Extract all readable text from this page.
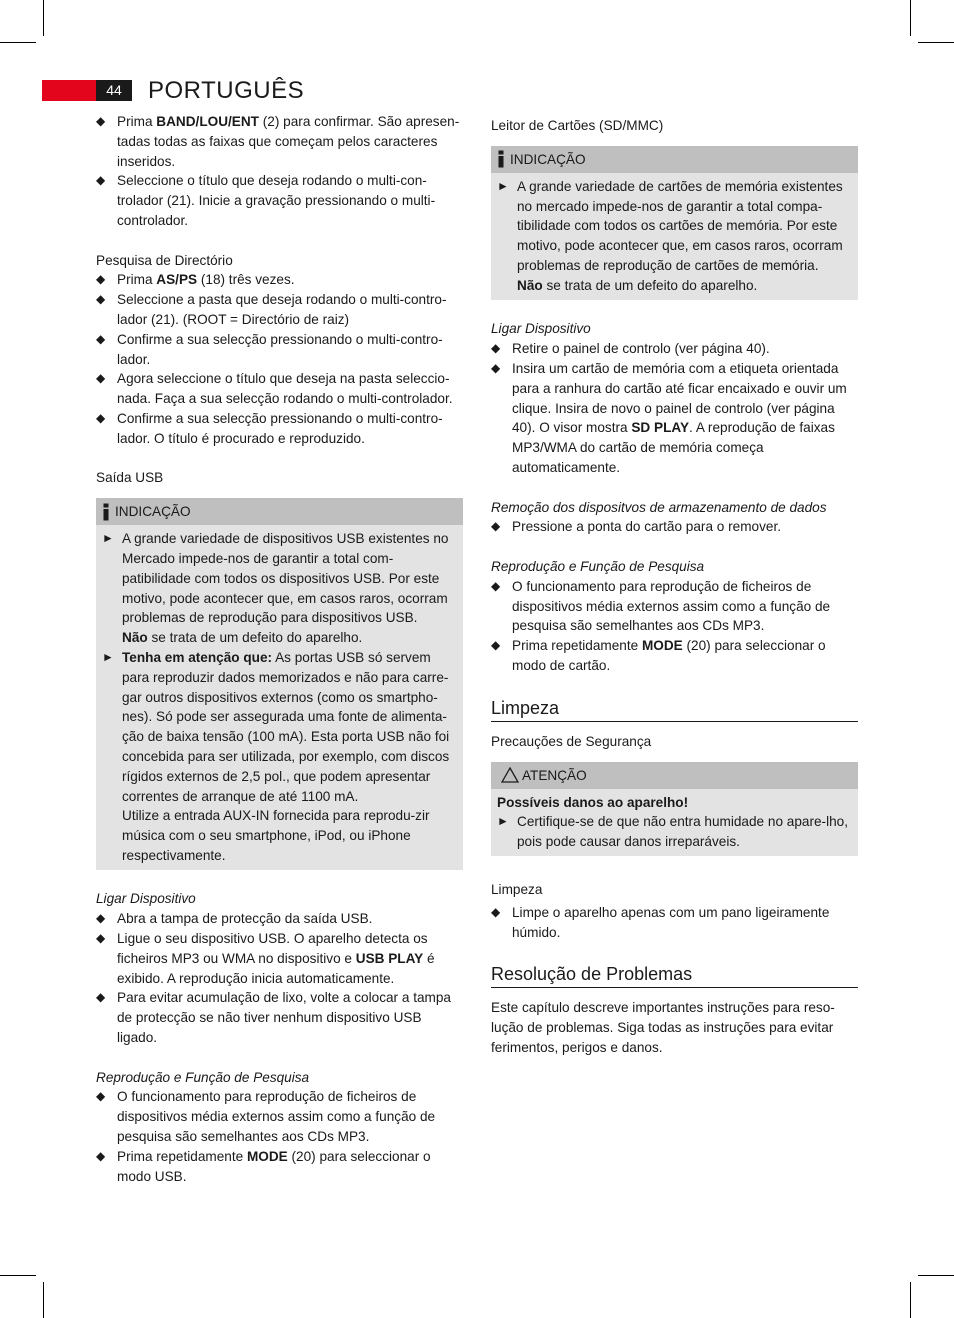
44	PORTUGUÊS
◆ Prima BAND/LOU/ENT (2) para confirmar. São apresen-tadas todas as faixas que começam pelos caracteres inseridos.
◆ Seleccione o título que deseja rodando o multi-con-trolador (21). Inicie a gravação pressionando o multi-controlador.

Pesquisa de Directório

◆ Prima AS/PS (18) três vezes.
◆ Seleccione a pasta que deseja rodando o multi-contro-lador (21). (ROOT = Directório de raiz)
◆ Confirme a sua selecção pressionando o multi-contro-lador.
◆ Agora seleccione o título que deseja na pasta seleccio-nada. Faça a sua selecção rodando o multi-controlador.
◆ Confirme a sua selecção pressionando o multi-contro-lador. O título é procurado e reproduzido.

Saída USB

INDICAÇÃO
► A grande variedade de dispositivos USB existentes no Mercado impede-nos de garantir a total com-patibilidade com todos os dispositivos USB. Por este motivo, pode acontecer que, em casos raros, ocorram problemas de reprodução para dispositivos USB.
Não se trata de um defeito do aparelho.
► Tenha em atenção que: As portas USB só servem para reproduzir dados memorizados e não para carre-gar outros dispositivos externos (como os smartpho-nes). Só pode ser assegurada uma fonte de alimenta-ção de baixa tensão (100 mA). Esta porta USB não foi concebida para ser utilizada, por exemplo, com discos rígidos externos de 2,5 pol., que podem apresentar correntes de arranque de até 1100 mA.
Utilize a entrada AUX-IN fornecida para reprodu-zir música com o seu smartphone, iPod, ou iPhone respectivamente.

Ligar Dispositivo

◆ Abra a tampa de protecção da saída USB.
◆ Ligue o seu dispositivo USB. O aparelho detecta os ficheiros MP3 ou WMA no dispositivo e USB PLAY é exibido. A reprodução inicia automaticamente.
◆ Para evitar acumulação de lixo, volte a colocar a tampa de protecção se não tiver nenhum dispositivo USB ligado.

Reprodução e Função de Pesquisa

◆ O funcionamento para reprodução de ficheiros de dispositivos média externos assim como a função de pesquisa são semelhantes aos CDs MP3.
◆ Prima repetidamente MODE (20) para seleccionar o modo USB.

Leitor de Cartões (SD/MMC)

INDICAÇÃO
► A grande variedade de cartões de memória existentes no mercado impede-nos de garantir a total compa-tibilidade com todos os cartões de memória. Por este motivo, pode acontecer que, em casos raros, ocorram problemas de reprodução de cartões de memória.
Não se trata de um defeito do aparelho.

Ligar Dispositivo

◆ Retire o painel de controlo (ver página 40).
◆ Insira um cartão de memória com a etiqueta orientada para a ranhura do cartão até ficar encaixado e ouvir um clique. Insira de novo o painel de controlo (ver página 40). O visor mostra SD PLAY. A reprodução de faixas MP3/WMA do cartão de memória começa automaticamente.

Remoção dos dispositvos de armazenamento de dados

◆ Pressione a ponta do cartão para o remover.

Reprodução e Função de Pesquisa

◆ O funcionamento para reprodução de ficheiros de dispositivos média externos assim como a função de pesquisa são semelhantes aos CDs MP3.
◆ Prima repetidamente MODE (20) para seleccionar o modo de cartão.

Limpeza

Precauções de Segurança

ATENÇÃO

Possíveis danos ao aparelho!

► Certifique-se de que não entra humidade no apare-lho, pois pode causar danos irreparáveis.

Limpeza

◆ Limpe o aparelho apenas com um pano ligeiramente húmido.

Resolução de Problemas

Este capítulo descreve importantes instruções para reso-lução de problemas. Siga todas as instruções para evitar ferimentos, perigos e danos.
